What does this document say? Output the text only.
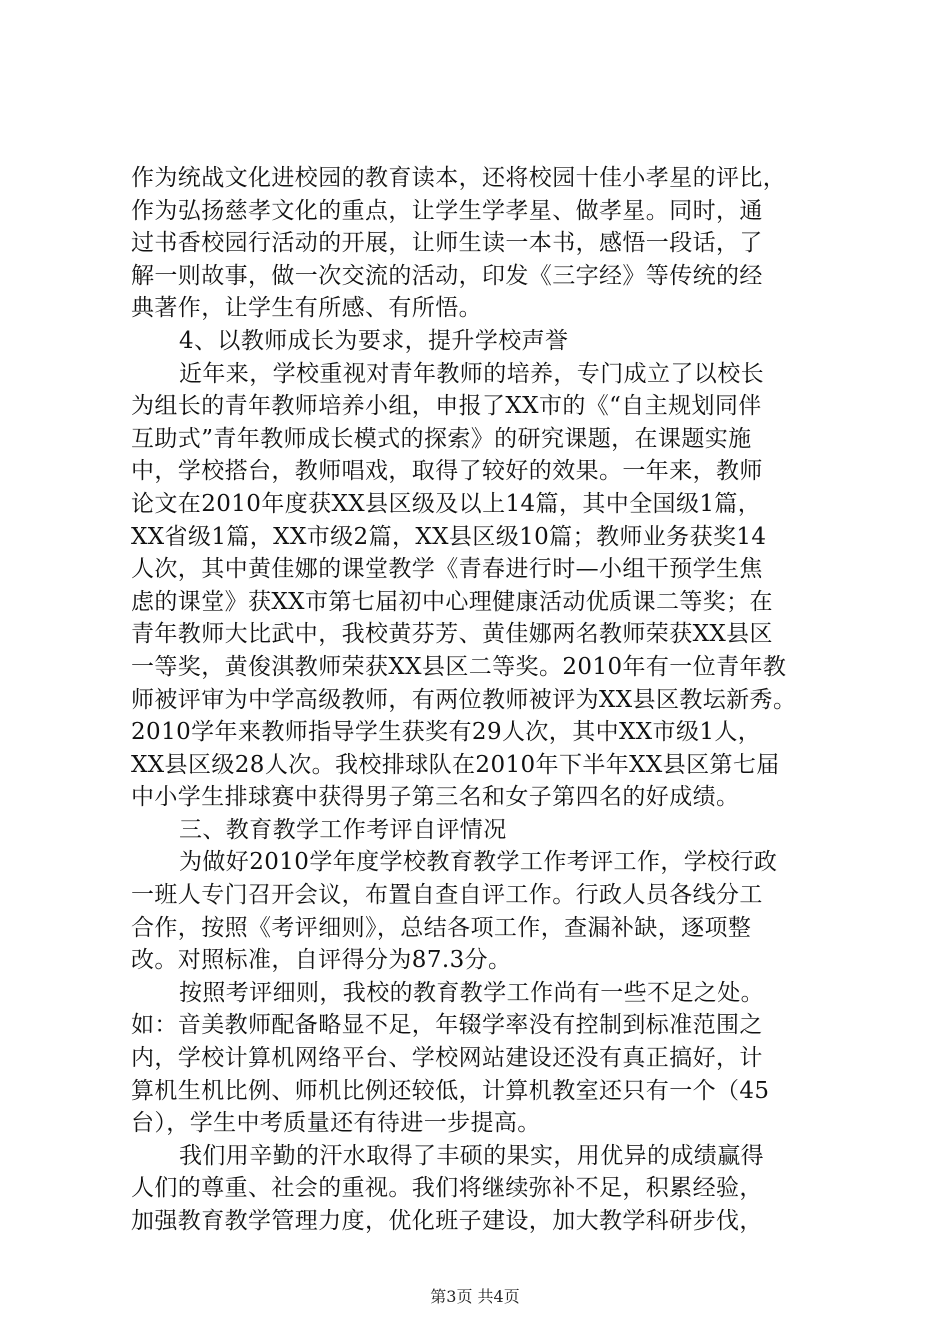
作为统战文化进校园的教育读本，还将校园十佳小孝星的评比，
作为弘扬慈孝文化的重点，让学生学孝星、做孝星。同时，通
过书香校园行活动的开展，让师生读一本书，感悟一段话，了
解一则故事，做一次交流的活动，印发《三字经》等传统的经
典著作，让学生有所感、有所悟。
4、以教师成长为要求，提升学校声誉
近年来，学校重视对青年教师的培养，专门成立了以校长
为组长的青年教师培养小组，申报了XX市的《“自主规划同伴
互助式”青年教师成长模式的探索》的研究课题，在课题实施
中，学校搭台，教师唱戏，取得了较好的效果。一年来，教师
论文在2010年度获XX县区级及以上14篇，其中全国级1篇，
XX省级1篇，XX市级2篇，XX县区级10篇；教师业务获奖14
人次，其中黄佳娜的课堂教学《青春进行时—小组干预学生焦
虑的课堂》获XX市第七届初中心理健康活动优质课二等奖；在
青年教师大比武中，我校黄芬芳、黄佳娜两名教师荣获XX县区
一等奖，黄俊淇教师荣获XX县区二等奖。2010年有一位青年教
师被评审为中学高级教师，有两位教师被评为XX县区教坛新秀。
2010学年来教师指导学生获奖有29人次，其中XX市级1人，
XX县区级28人次。我校排球队在2010年下半年XX县区第七届
中小学生排球赛中获得男子第三名和女子第四名的好成绩。
三、教育教学工作考评自评情况
为做好2010学年度学校教育教学工作考评工作，学校行政
一班人专门召开会议，布置自查自评工作。行政人员各线分工
合作，按照《考评细则》，总结各项工作，查漏补缺，逐项整
改。对照标准，自评得分为87.3分。
按照考评细则，我校的教育教学工作尚有一些不足之处。
如：音美教师配备略显不足，年辍学率没有控制到标准范围之
内，学校计算机网络平台、学校网站建设还没有真正搞好，计
算机生机比例、师机比例还较低，计算机教室还只有一个（45
台），学生中考质量还有待进一步提高。
我们用辛勤的汗水取得了丰硕的果实，用优异的成绩赢得
人们的尊重、社会的重视。我们将继续弥补不足，积累经验，
加强教育教学管理力度，优化班子建设，加大教学科研步伐，
第3页 共4页
